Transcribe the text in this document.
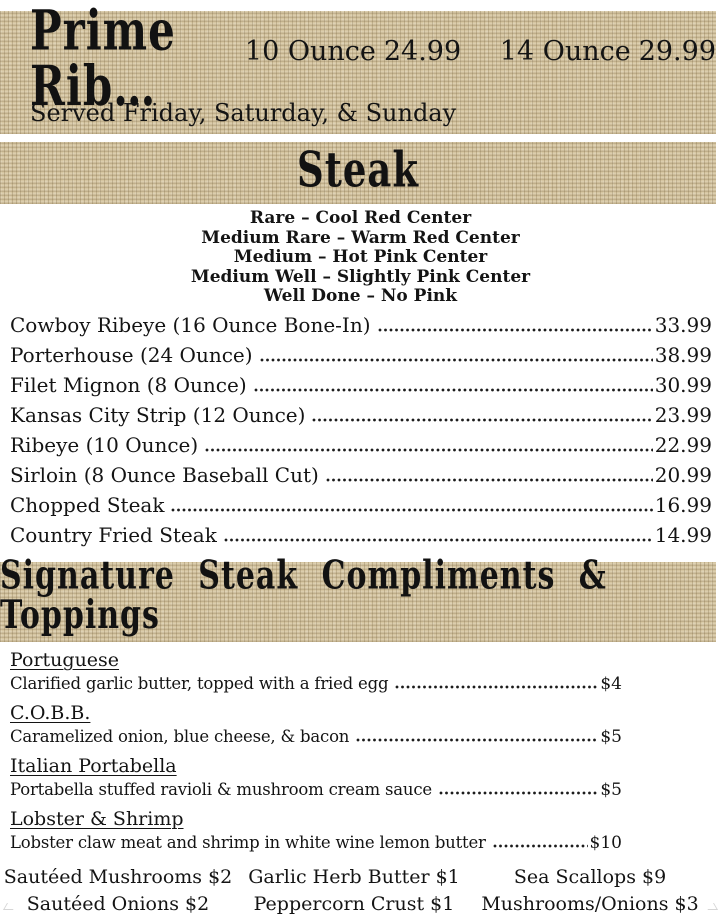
Prime Rib…
10 Ounce 24.99 14 Ounce 29.99
Served Friday, Saturday, & Sunday
Steak
Rare – Cool Red Center
Medium Rare – Warm Red Center
Medium – Hot Pink Center
Medium Well – Slightly Pink Center
Well Done – No Pink
Cowboy Ribeye (16 Ounce Bone-In)	33.99
Porterhouse (24 Ounce)	38.99
Filet Mignon (8 Ounce)	30.99
Kansas City Strip (12 Ounce)	23.99
Ribeye (10 Ounce)	22.99
Sirloin (8 Ounce Baseball Cut)	20.99
Chopped Steak	16.99
Country Fried Steak	14.99
Signature Steak Compliments & Toppings
Portuguese
Clarified garlic butter, topped with a fried egg	$4
C.O.B.B.
Caramelized onion, blue cheese, & bacon	$5
Italian Portabella
Portabella stuffed ravioli & mushroom cream sauce	$5
Lobster & Shrimp
Lobster claw meat and shrimp in white wine lemon butter	$10
Sautéed Mushrooms $2 Garlic Herb Butter $1	Sea Scallops $9
Sautéed Onions $2	Peppercorn Crust $1	Mushrooms/Onions $3
